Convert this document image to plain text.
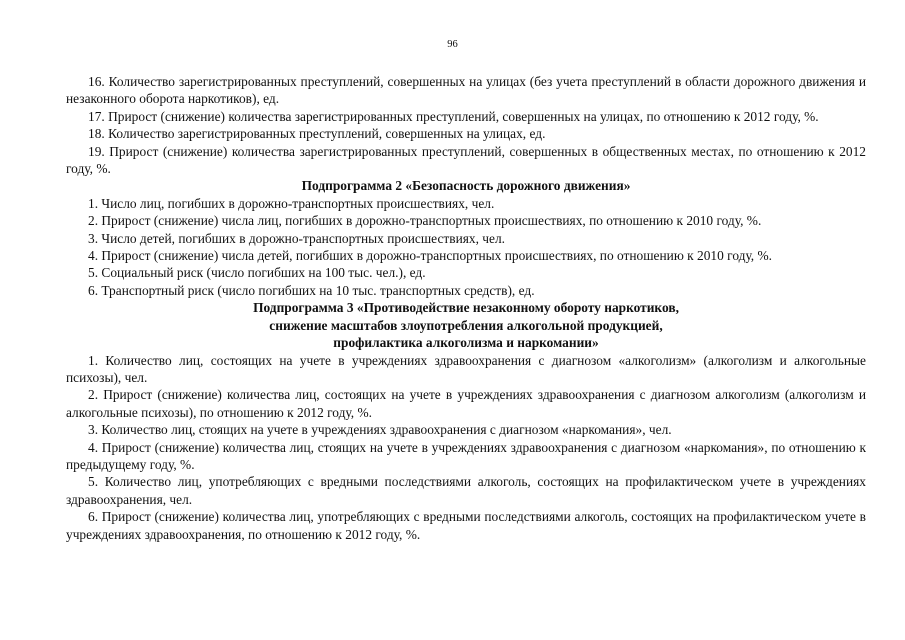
96

16. Количество зарегистрированных преступлений, совершенных на улицах (без учета преступлений в области дорожного движения и незаконного оборота наркотиков), ед.

17. Прирост (снижение) количества зарегистрированных преступлений, совершенных на улицах, по отношению к 2012 году, %.

18. Количество зарегистрированных преступлений, совершенных на улицах, ед.

19. Прирост (снижение) количества зарегистрированных преступлений, совершенных в общественных местах, по отношению к 2012 году, %.

Подпрограмма 2 «Безопасность дорожного движения»

1. Число лиц, погибших в дорожно-транспортных происшествиях, чел.

2. Прирост (снижение) числа лиц, погибших в дорожно-транспортных происшествиях, по отношению к 2010 году, %.

3. Число детей, погибших в дорожно-транспортных происшествиях, чел.

4. Прирост (снижение) числа детей, погибших в дорожно-транспортных происшествиях, по отношению к 2010 году, %.

5. Социальный риск (число погибших на 100 тыс. чел.), ед.

6. Транспортный риск (число погибших на 10 тыс. транспортных средств), ед.

Подпрограмма 3 «Противодействие незаконному обороту наркотиков,
снижение масштабов злоупотребления алкогольной продукцией,
профилактика алкоголизма и наркомании»

1. Количество лиц, состоящих на учете в учреждениях здравоохранения с диагнозом «алкоголизм» (алкоголизм и алкогольные психозы), чел.

2. Прирост (снижение) количества лиц, состоящих на учете в учреждениях здравоохранения с диагнозом алкоголизм (алкоголизм и алкогольные психозы), по отношению к 2012 году, %.

3. Количество лиц, стоящих на учете в учреждениях здравоохранения с диагнозом «наркомания», чел.

4. Прирост (снижение) количества лиц, стоящих на учете в учреждениях здравоохранения с диагнозом «наркомания», по отношению к предыдущему году, %.

5. Количество лиц, употребляющих с вредными последствиями алкоголь, состоящих на профилактическом учете в учреждениях здравоохранения, чел.

6. Прирост (снижение) количества лиц, употребляющих с вредными последствиями алкоголь, состоящих на профилактическом учете в учреждениях здравоохранения, по отношению к 2012 году, %.
